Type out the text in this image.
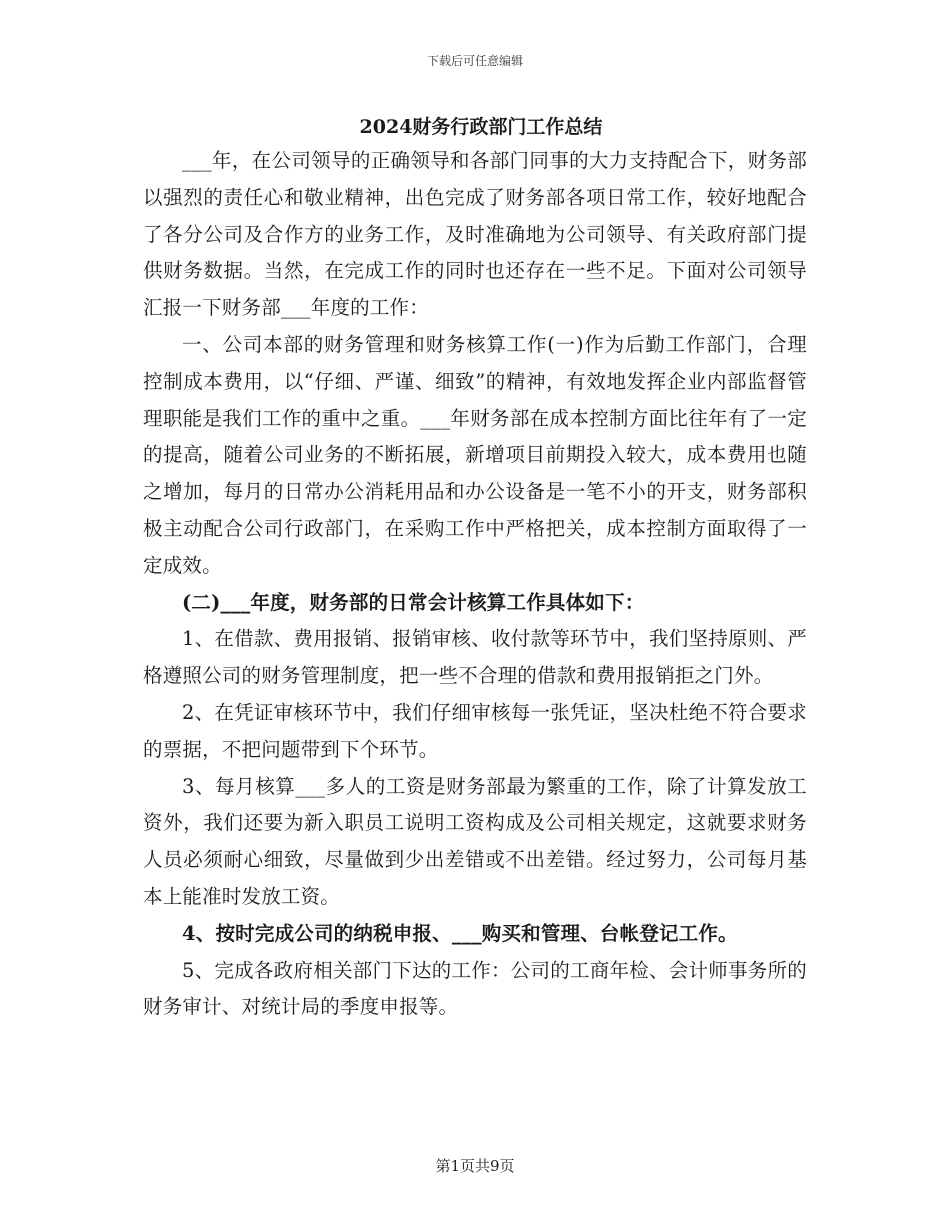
下载后可任意编辑
2024财务行政部门工作总结

___年，在公司领导的正确领导和各部门同事的大力支持配合下，财务部以强烈的责任心和敬业精神，出色完成了财务部各项日常工作，较好地配合了各分公司及合作方的业务工作，及时准确地为公司领导、有关政府部门提供财务数据。当然，在完成工作的同时也还存在一些不足。下面对公司领导汇报一下财务部___年度的工作：

一、公司本部的财务管理和财务核算工作(一)作为后勤工作部门，合理控制成本费用，以“仔细、严谨、细致”的精神，有效地发挥企业内部监督管理职能是我们工作的重中之重。___年财务部在成本控制方面比往年有了一定的提高，随着公司业务的不断拓展，新增项目前期投入较大，成本费用也随之增加，每月的日常办公消耗用品和办公设备是一笔不小的开支，财务部积极主动配合公司行政部门，在采购工作中严格把关，成本控制方面取得了一定成效。

(二)___年度，财务部的日常会计核算工作具体如下：

1、在借款、费用报销、报销审核、收付款等环节中，我们坚持原则、严格遵照公司的财务管理制度，把一些不合理的借款和费用报销拒之门外。

2、在凭证审核环节中，我们仔细审核每一张凭证，坚决杜绝不符合要求的票据，不把问题带到下个环节。

3、每月核算___多人的工资是财务部最为繁重的工作，除了计算发放工资外，我们还要为新入职员工说明工资构成及公司相关规定，这就要求财务人员必须耐心细致，尽量做到少出差错或不出差错。经过努力，公司每月基本上能准时发放工资。

4、按时完成公司的纳税申报、___购买和管理、台帐登记工作。

5、完成各政府相关部门下达的工作：公司的工商年检、会计师事务所的财务审计、对统计局的季度申报等。

第1页共9页
